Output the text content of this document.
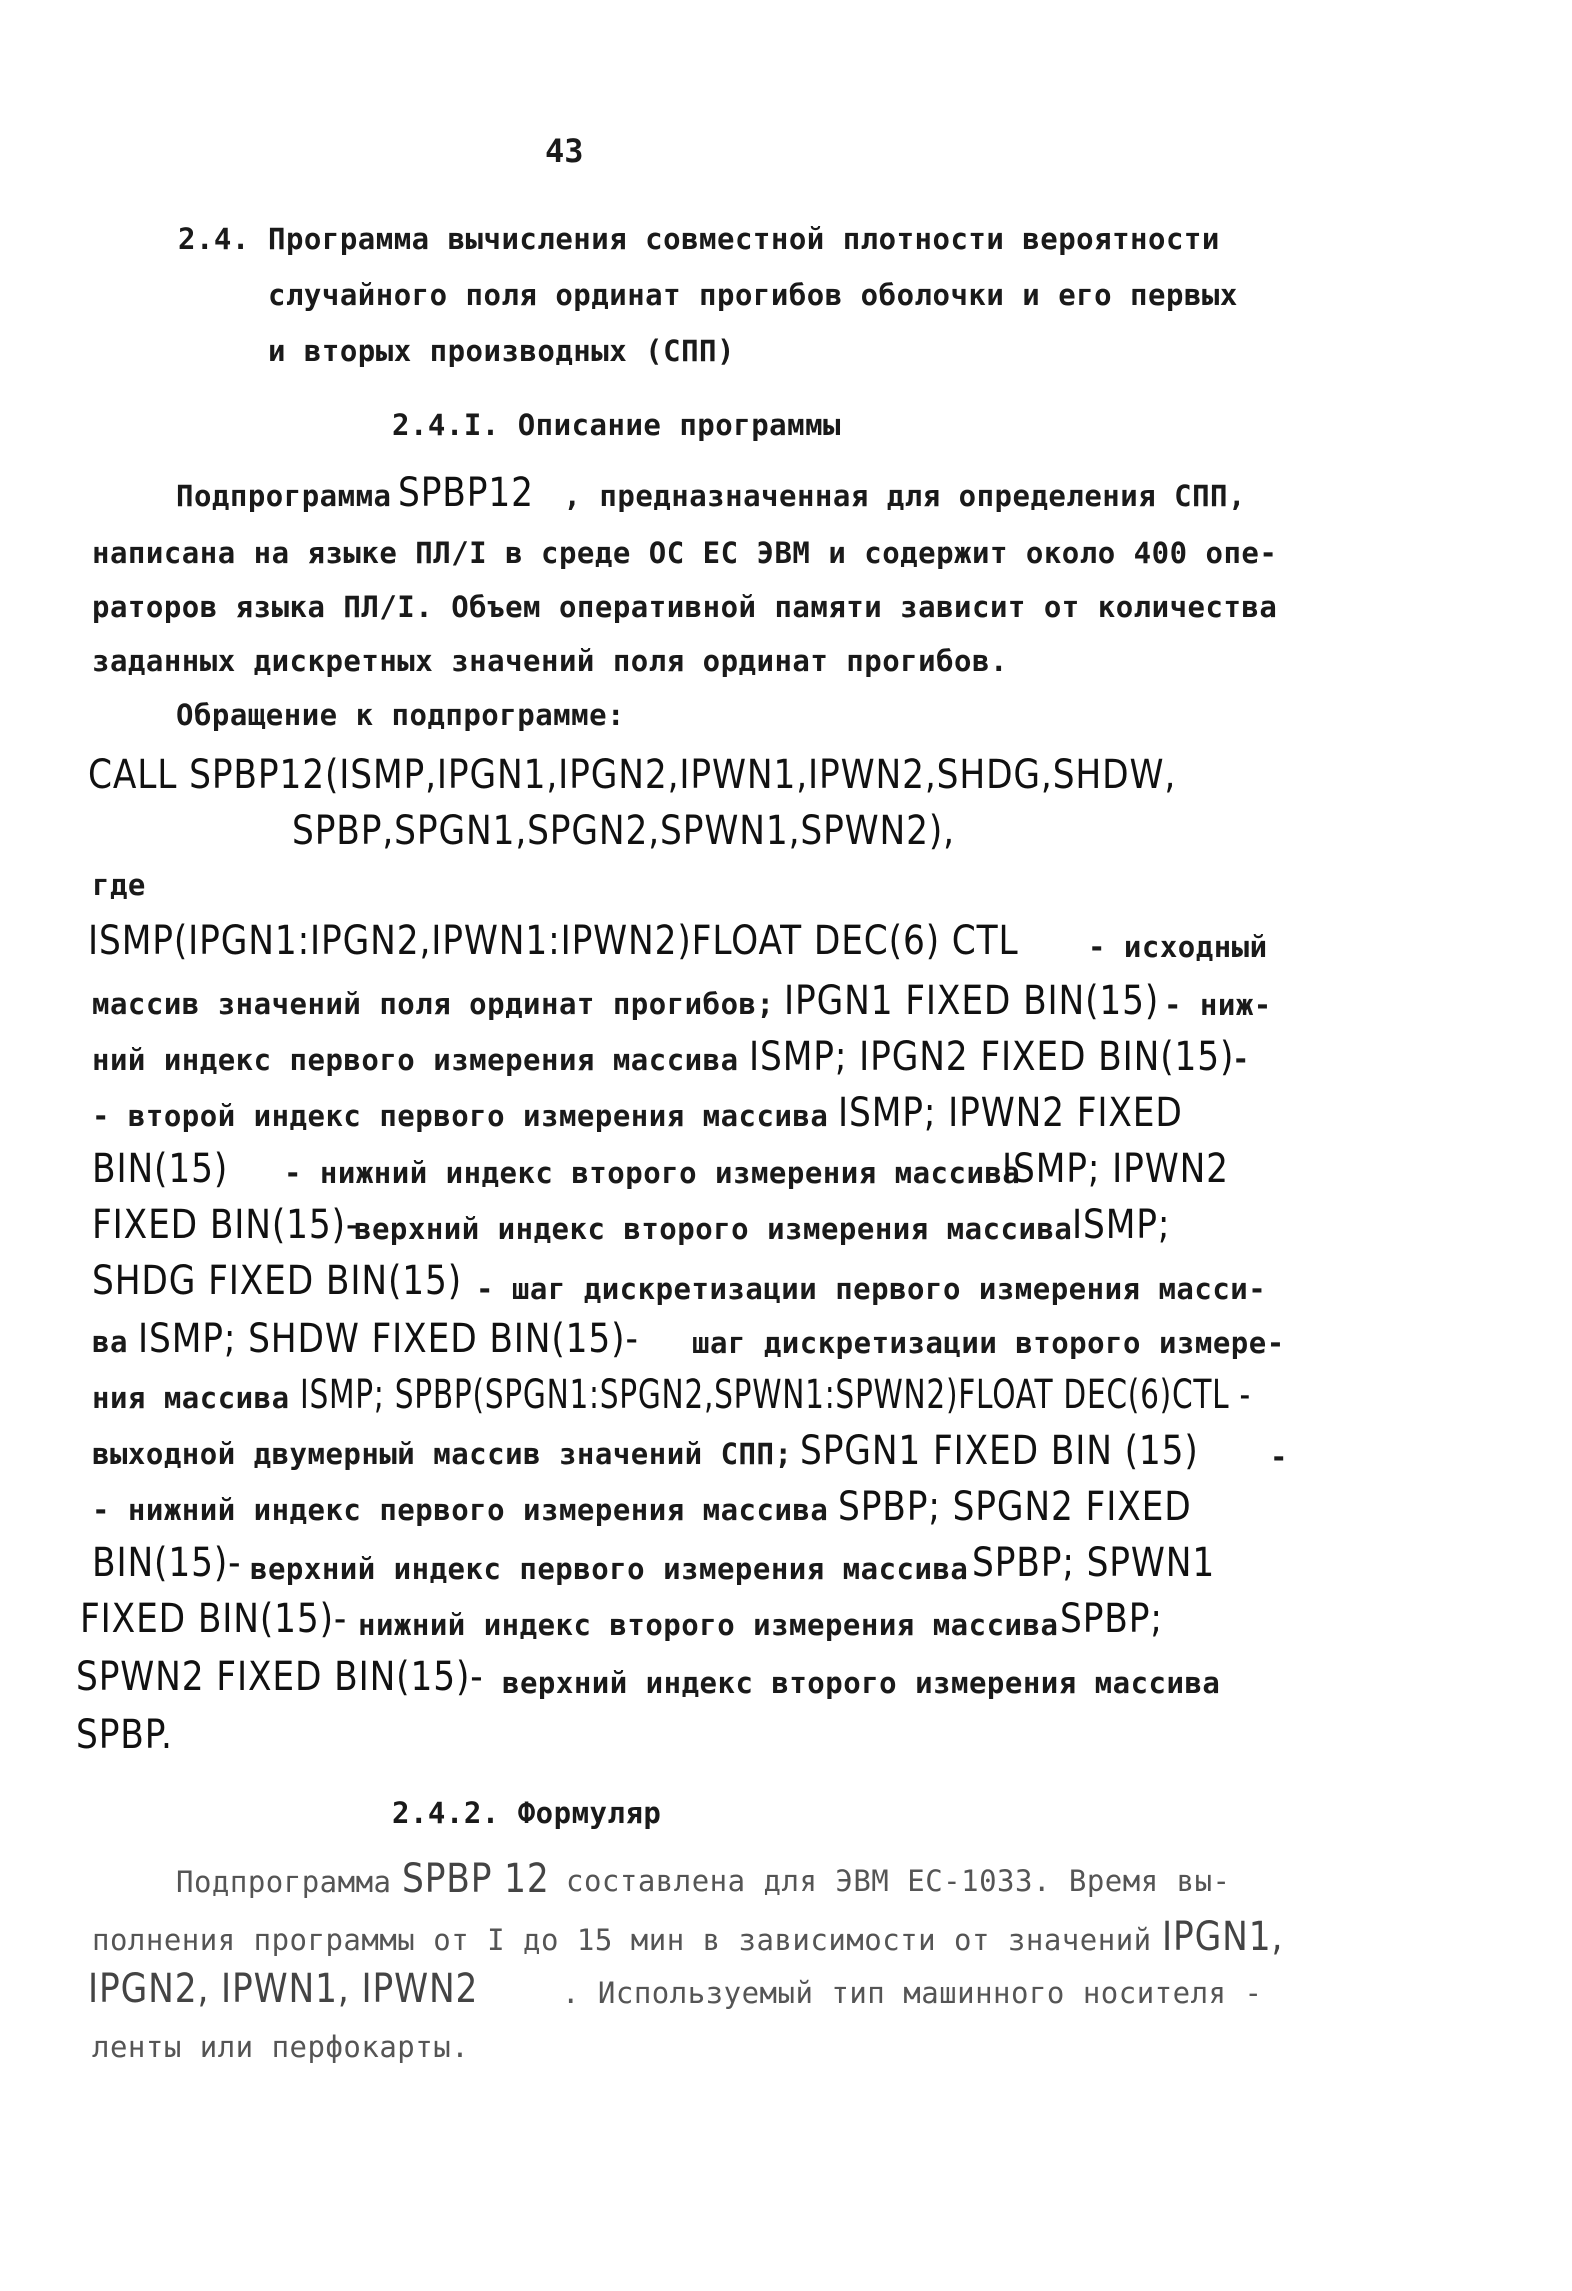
43
2.4. Программа вычисления совместной плотности вероятности
случайного поля ординат прогибов оболочки и его первых
и вторых производных (СПП)
2.4.I. Описание программы
Подпрограмма SPBP12 , предназначенная для определения СПП,
написана на языке ПЛ/I в среде ОС ЕС ЭВМ и содержит около 400 опе-
раторов языка ПЛ/I. Объем оперативной памяти зависит от количества
заданных дискретных значений поля ординат прогибов.
Обращение к подпрограмме:
CALL SPBP12(ISMP,IPGN1,IPGN2,IPWN1,IPWN2,SHDG,SHDW,
SPBP,SPGN1,SPGN2,SPWN1,SPWN2),
где
ISMP(IPGN1:IPGN2,IPWN1:IPWN2)FLOAT DEC(6) CTL - исходный
массив значений поля ординат прогибов; IPGN1 FIXED BIN(15) - ниж-
ний индекс первого измерения массива ISMP; IPGN2 FIXED BIN(15)
-
- второй индекс первого измерения массива ISMP; IPWN2 FIXED
BIN(15) - нижний индекс второго измерения массива
ISMP; IPWN2
FIXED BIN(15)-
верхний индекс второго измерения массива ISMP;
SHDG FIXED BIN(15) - шаг дискретизации первого измерения масси-
ва ISMP; SHDW FIXED BIN(15)- шаг дискретизации второго измере-
ния массива ISMP; SPBP(SPGN1:SPGN2,SPWN1:SPWN2)FLOAT DEC(6)CTL -
выходной двумерный массив значений СПП; SPGN1 FIXED BIN (15) -
- нижний индекс первого измерения массива SPBP; SPGN2 FIXED
BIN(15)- верхний индекс первого измерения массива SPBP; SPWN1
FIXED BIN(15)- нижний индекс второго измерения массива SPBP;
SPWN2 FIXED BIN(15)- верхний индекс второго измерения массива
SPBP.
2.4.2. Формуляр
Подпрограмма SPBP 12 составлена для ЭВМ ЕС-1033. Время вы-
полнения программы от I до 15 мин в зависимости от значений IPGN1,
IPGN2, IPWN1, IPWN2	. Используемый тип машинного носителя -
ленты или перфокарты.
